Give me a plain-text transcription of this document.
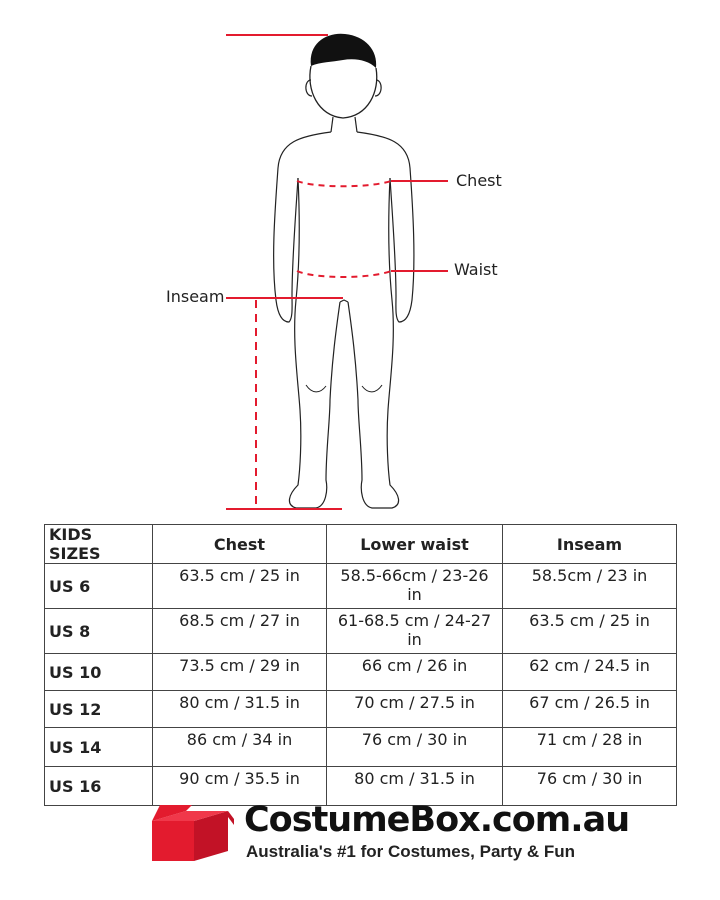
Chest
Waist
Inseam
KIDS SIZES	Chest	Lower waist	Inseam
US 6	63.5 cm / 25 in	58.5-66cm / 23-26 in	58.5cm / 23 in
US 8	68.5 cm / 27 in	61-68.5 cm / 24-27 in	63.5 cm / 25 in
US 10	73.5 cm / 29 in	66 cm / 26 in	62 cm / 24.5 in
US 12	80 cm / 31.5 in	70 cm / 27.5 in	67 cm / 26.5 in
US 14	86 cm / 34 in	76 cm / 30 in	71 cm / 28 in
US 16	90 cm / 35.5 in	80 cm / 31.5 in	76 cm / 30 in
CostumeBox.com.au
Australia's #1 for Costumes, Party & Fun
